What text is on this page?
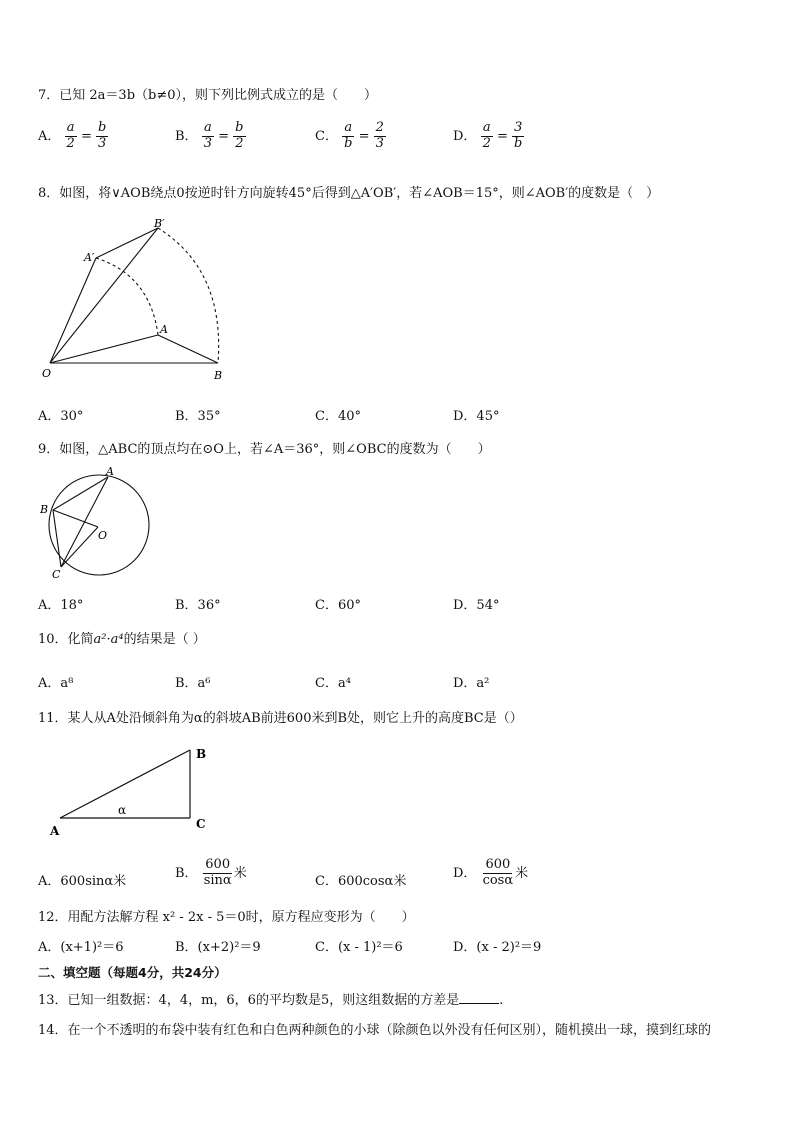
7．已知 2a＝3b（b≠0），则下列比例式成立的是（　　）
A． $\frac{a}{2} = \frac{b}{3}$	B． $\frac{a}{3} = \frac{b}{2}$	C． $\frac{a}{b} = \frac{2}{3}$	D． $\frac{a}{2} = \frac{3}{b}$
8．如图，将∨AOB绕点0按逆时针方向旋转45°后得到△A′OB′，若∠AOB＝15°，则∠AOB′的度数是（　）
O
A
B
A′
B′
A．30°	B．35°	C．40°	D．45°
9．如图，△ABC的顶点均在⊙O上，若∠A＝36°，则∠OBC的度数为（　　）
A
B
C
O
A．18°	B．36°	C．60°	D．54°
10．化简a²·a⁴的结果是（ ）
A．a⁸	B．a⁶	C．a⁴	D．a²
11．某人从A处沿倾斜角为α的斜坡AB前进600米到B处，则它上升的高度BC是（）
A
B
C
α
A．600sinα米
B． $\frac{600}{\sin\alpha}$ 米
C．600cosα米
D． $\frac{600}{\cos\alpha}$ 米
12．用配方法解方程 x² - 2x - 5＝0时，原方程应变形为（　　）
A．(x+1)²＝6	B．(x+2)²＝9	C．(x - 1)²＝6	D．(x - 2)²＝9
二、填空题（每题4分，共24分）
13．已知一组数据：4，4，m，6，6的平均数是5，则这组数据的方差是	.
14．在一个不透明的布袋中装有红色和白色两种颜色的小球（除颜色以外没有任何区别），随机摸出一球，摸到红球的
